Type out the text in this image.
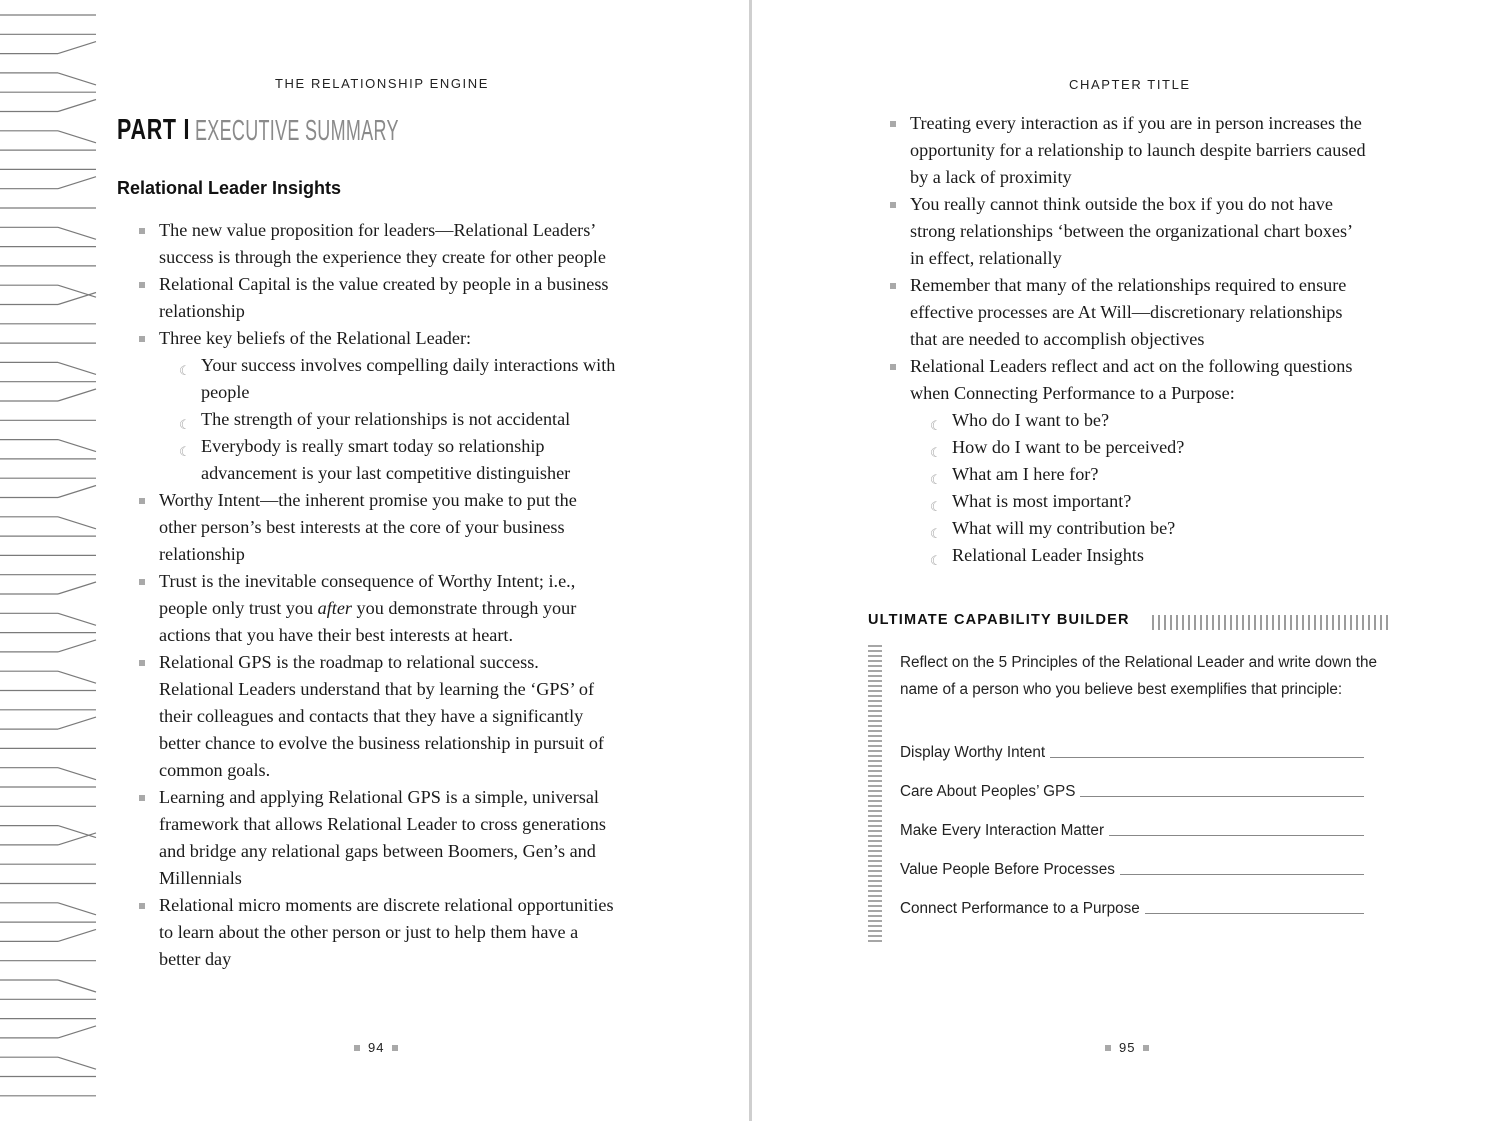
THE RELATIONSHIP ENGINE
PART I EXECUTIVE SUMMARY
Relational Leader Insights
The new value proposition for leaders—Relational Leaders’ success is through the experience they create for other people
Relational Capital is the value created by people in a business relationship
Three key beliefs of the Relational Leader:
☾ Your success involves compelling daily interactions with people
☾ The strength of your relationships is not accidental
☾ Everybody is really smart today so relationship advancement is your last competitive distinguisher
Worthy Intent—the inherent promise you make to put the other person’s best interests at the core of your business relationship
Trust is the inevitable consequence of Worthy Intent; i.e., people only trust you after you demonstrate through your actions that you have their best interests at heart.
Relational GPS is the roadmap to relational success. Relational Leaders understand that by learning the ‘GPS’ of their colleagues and contacts that they have a significantly better chance to evolve the business relationship in pursuit of common goals.
Learning and applying Relational GPS is a simple, universal framework that allows Relational Leader to cross generations and bridge any relational gaps between Boomers, Gen’s and Millennials
Relational micro moments are discrete relational opportunities to learn about the other person or just to help them have a better day
94
CHAPTER TITLE
Treating every interaction as if you are in person increases the opportunity for a relationship to launch despite barriers caused by a lack of proximity
You really cannot think outside the box if you do not have strong relationships ‘between the organizational chart boxes’ in effect, relationally
Remember that many of the relationships required to ensure effective processes are At Will—discretionary relationships that are needed to accomplish objectives
Relational Leaders reflect and act on the following questions when Connecting Performance to a Purpose:
☾ Who do I want to be?
☾ How do I want to be perceived?
☾ What am I here for?
☾ What is most important?
☾ What will my contribution be?
☾ Relational Leader Insights
ULTIMATE CAPABILITY BUILDER
Reflect on the 5 Principles of the Relational Leader and write down the name of a person who you believe best exemplifies that principle:
Display Worthy Intent
Care About Peoples’ GPS
Make Every Interaction Matter
Value People Before Processes
Connect Performance to a Purpose
95
